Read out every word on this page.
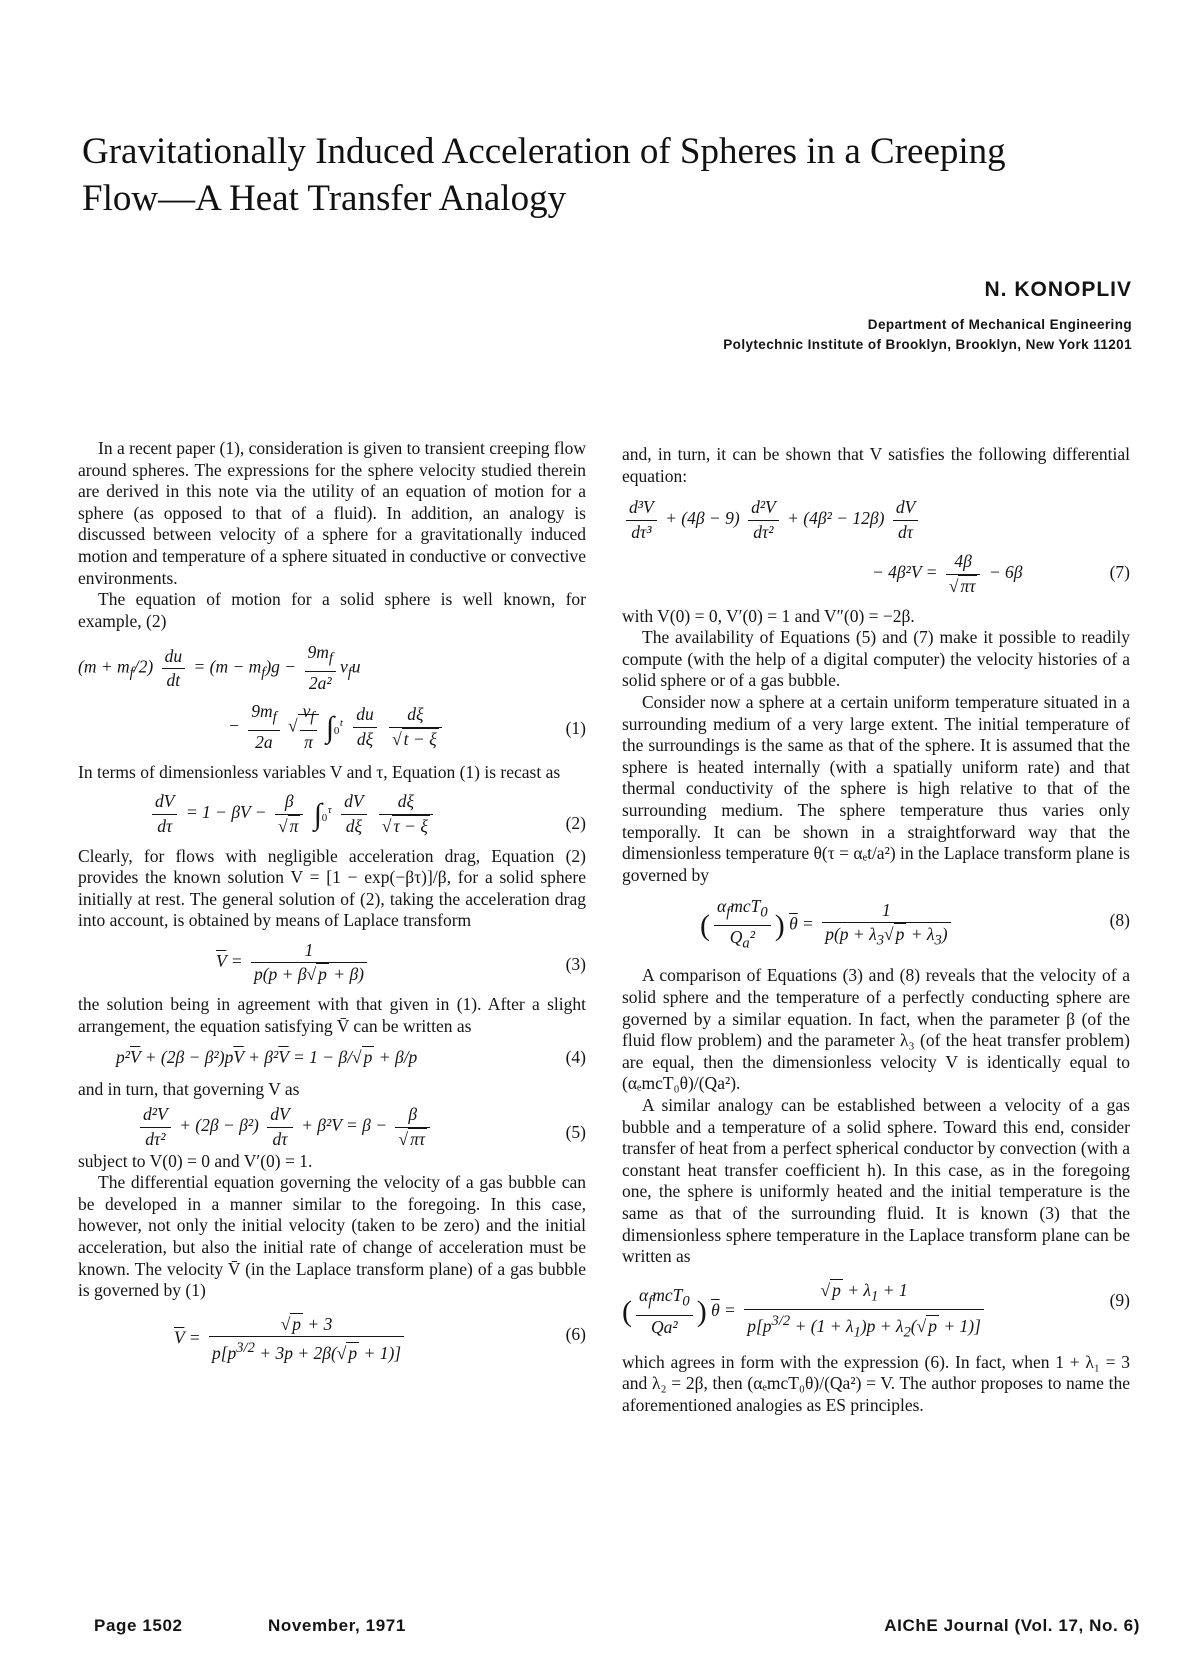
Gravitationally Induced Acceleration of Spheres in a Creeping Flow—A Heat Transfer Analogy
N. KONOPLIV
Department of Mechanical Engineering
Polytechnic Institute of Brooklyn, Brooklyn, New York 11201

In a recent paper (1), consideration is given to transient creeping flow around spheres. The expressions for the sphere velocity studied therein are derived in this note via the utility of an equation of motion for a sphere (as opposed to that of a fluid). In addition, an analogy is discussed between velocity of a sphere for a gravitationally induced motion and temperature of a sphere situated in conductive or convective environments.

The equation of motion for a solid sphere is well known, for example, (2)

$(m + m_f/2) \frac{du}{dt} = (m - m_f)g - \frac{9m_f}{\text{2a²}} \nu_fu$
− $\frac{9m_f}{2a}$ √ $\frac{\nu_f}{\pi}$ ∫ t
0
$\frac{du}{d\xi}$
$\frac{d\xi}{√ t - \xi}$	(1)

In terms of dimensionless variables V and τ, Equation (1) is recast as

$\frac{dV}{d\tau} = 1 - \beta V - \frac{\beta}{√ \pi}$ ∫ τ
0
$\frac{dV}{d\xi}$
$\frac{d\xi}{√ \tau - \xi}$	(2)

Clearly, for flows with negligible acceleration drag, Equation (2) provides the known solution V = [1 − exp(−βτ)]/β, for a solid sphere initially at rest. The general solution of (2), taking the acceleration drag into account, is obtained by means of Laplace transform

$\overline{V} = \frac{1}{p(p + \beta√ p + \beta)}$	(3)

the solution being in agreement with that given in (1). After a slight arrangement, the equation satisfying V̄ can be written as

$p^2\overline{V} + (2\beta - \beta^2)p\overline{V} + \beta^2\overline{V} = 1 - \beta/√$ p + β/p	(4)

and in turn, that governing V as

$\frac{\text{d²V}}{\text{dτ²}} + (2\beta - \beta^2) \frac{dV}{d\tau} + \beta^2V = \beta - \frac{\beta}{√ \pi\tau}$	(5)

subject to V(0) = 0 and V′(0) = 1.

The differential equation governing the velocity of a gas bubble can be developed in a manner similar to the foregoing. In this case, however, not only the initial velocity (taken to be zero) and the initial acceleration, but also the initial rate of change of acceleration must be known. The velocity V̄ (in the Laplace transform plane) of a gas bubble is governed by (1)

$\overline{V} = \frac{√ p + 3}{p[p^{3/2} + 3p + 2\beta(√ p + 1)]}$	(6)

and, in turn, it can be shown that V satisfies the following differential equation:

$\frac{\text{d³V}}{\text{dτ³}} + (4\beta - 9) \frac{\text{d²V}}{\text{dτ²}} + (4\beta^2 - 12\beta) \frac{dV}{d\tau}$
− $4\beta^2V = \frac{4\beta}{√ \pi\tau} - 6\beta$	(7)

with V(0) = 0, V′(0) = 1 and V″(0) = −2β.

The availability of Equations (5) and (7) make it possible to readily compute (with the help of a digital computer) the velocity histories of a solid sphere or of a gas bubble.

Consider now a sphere at a certain uniform temperature situated in a surrounding medium of a very large extent. The initial temperature of the surroundings is the same as that of the sphere. It is assumed that the sphere is heated internally (with a spatially uniform rate) and that thermal conductivity of the sphere is high relative to that of the surrounding medium. The sphere temperature thus varies only temporally. It can be shown in a straightforward way that the dimensionless temperature θ(τ = αₑt/a²) in the Laplace transform plane is governed by

( $\frac{\alpha_fmcT_0}{Q_a^2}$ ) $\overline{\theta} = \frac{1}{p(p + \lambda_3√ p + \lambda_3)}$	(8)

A comparison of Equations (3) and (8) reveals that the velocity of a solid sphere and the temperature of a perfectly conducting sphere are governed by a similar equation. In fact, when the parameter β (of the fluid flow problem) and the parameter λ₃ (of the heat transfer problem) are equal, then the dimensionless velocity V is identically equal to (αₑmcT₀θ)/(Qa²).

A similar analogy can be established between a velocity of a gas bubble and a temperature of a solid sphere. Toward this end, consider transfer of heat from a perfect spherical conductor by convection (with a constant heat transfer coefficient h). In this case, as in the foregoing one, the sphere is uniformly heated and the initial temperature is the same as that of the surrounding fluid. It is known (3) that the dimensionless sphere temperature in the Laplace transform plane can be written as

( $\frac{\alpha_fmcT_0}{\text{Qa²}}$ ) $\overline{\theta} = \frac{√ p + \lambda_1 + 1}{p[p^{3/2} + (1 + \lambda_1)p + \lambda_2(√ p + 1)]}$	(9)

which agrees in form with the expression (6). In fact, when 1 + λ₁ = 3 and λ₂ = 2β, then (αₑmcT₀θ)/(Qa²) = V. The author proposes to name the aforementioned analogies as ES principles.

Page 1502	November, 1971	AIChE Journal (Vol. 17, No. 6)
